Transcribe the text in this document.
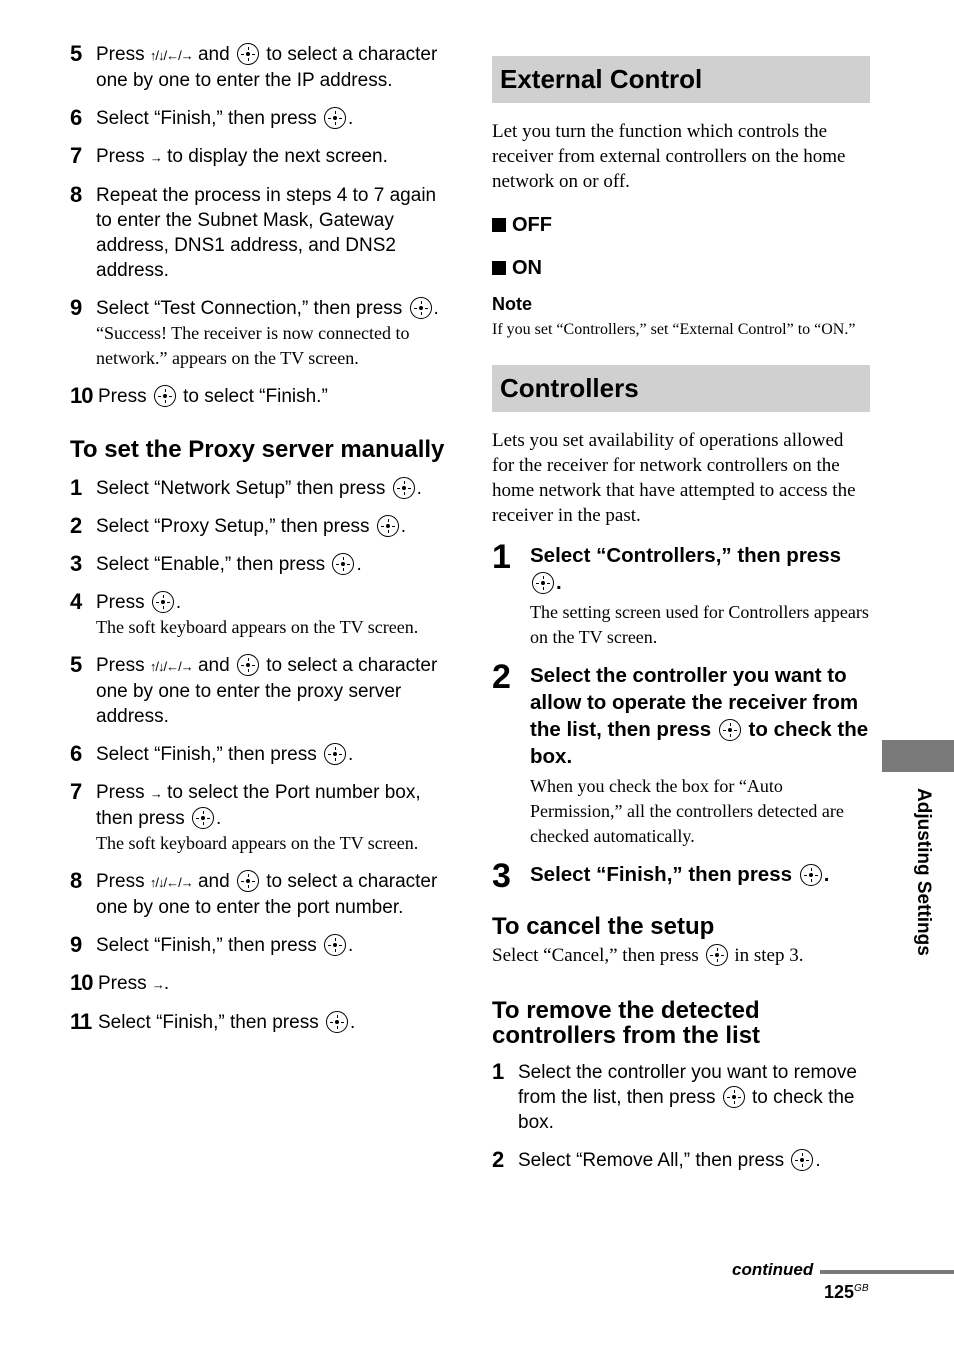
5 Press ↑/↓/←/→ and
to select a character one by one to enter the IP address.
6 Select “Finish,” then press
.
7 Press → to display the next screen.
8 Repeat the process in steps 4 to 7 again to enter the Subnet Mask, Gateway address, DNS1 address, and DNS2 address.
9 Select “Test Connection,” then press
.
“Success! The receiver is now connected to network.” appears on the TV screen.
10 Press
to select “Finish.”
To set the Proxy server manually
1 Select “Network Setup” then press
.
2 Select “Proxy Setup,” then press
.
3 Select “Enable,” then press
.
4 Press
.
The soft keyboard appears on the TV screen.
5 Press ↑/↓/←/→ and
to select a character one by one to enter the proxy server address.
6 Select “Finish,” then press
.
7 Press → to select the Port number box, then press
.
The soft keyboard appears on the TV screen.
8 Press ↑/↓/←/→ and
to select a character one by one to enter the port number.
9 Select “Finish,” then press
.
10 Press →.
11 Select “Finish,” then press
.
External Control

Let you turn the function which controls the receiver from external controllers on the home network on or off.

OFF
ON
Note
If you set “Controllers,” set “External Control” to “ON.”
Controllers

Lets you set availability of operations allowed for the receiver for network controllers on the home network that have attempted to access the receiver in the past.

1 Select “Controllers,” then press
.
The setting screen used for Controllers appears on the TV screen.
2 Select the controller you want to allow to operate the receiver from the list, then press
to check the box.
When you check the box for “Auto Permission,” all the controllers detected are checked automatically.
3 Select “Finish,” then press
.
To cancel the setup
Select “Cancel,” then press
in step 3.
To remove the detected controllers from the list
1 Select the controller you want to remove from the list, then press
to check the box.
2 Select “Remove All,” then press
.
Adjusting Settings
continued
$125^{GB}$
